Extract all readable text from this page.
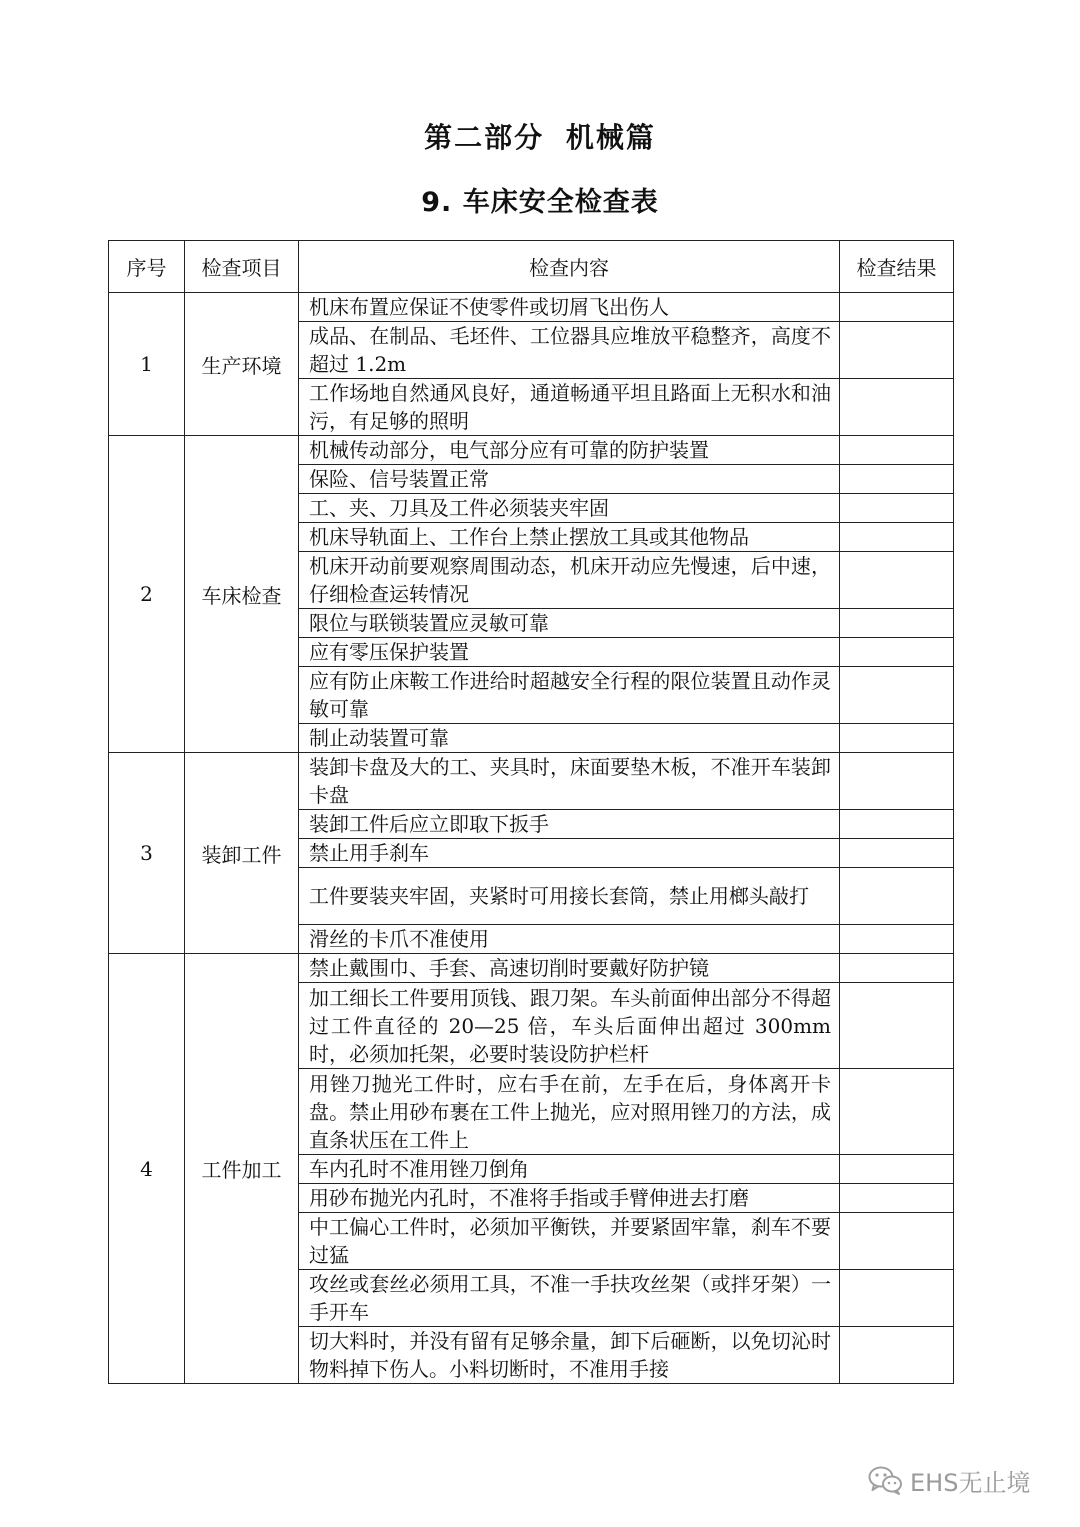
第二部分 机械篇
9. 车床安全检查表
序号	检查项目	检查内容	检查结果
1	生产环境	机床布置应保证不使零件或切屑飞出伤人	
		成品、在制品、毛坯件、工位器具应堆放平稳整齐，高度不超过 1.2m	
		工作场地自然通风良好，通道畅通平坦且路面上无积水和油污，有足够的照明	
2	车床检查	机械传动部分，电气部分应有可靠的防护装置	
		保险、信号装置正常	
		工、夹、刀具及工件必须装夹牢固	
		机床导轨面上、工作台上禁止摆放工具或其他物品	
		机床开动前要观察周围动态，机床开动应先慢速，后中速，仔细检查运转情况	
		限位与联锁装置应灵敏可靠	
		应有零压保护装置	
		应有防止床鞍工作进给时超越安全行程的限位装置且动作灵敏可靠	
		制止动装置可靠	
3	装卸工件	装卸卡盘及大的工、夹具时，床面要垫木板，不准开车装卸卡盘	
		装卸工件后应立即取下扳手	
		禁止用手刹车	
		工件要装夹牢固，夹紧时可用接长套筒，禁止用榔头敲打	
		滑丝的卡爪不准使用	
4	工件加工	禁止戴围巾、手套、高速切削时要戴好防护镜	
		加工细长工件要用顶钱、跟刀架。车头前面伸出部分不得超过工件直径的 20—25 倍，车头后面伸出超过 300mm 时，必须加托架，必要时装设防护栏杆	
		用锉刀抛光工件时，应右手在前，左手在后，身体离开卡盘。禁止用砂布裹在工件上抛光，应对照用锉刀的方法，成直条状压在工件上	
		车内孔时不准用锉刀倒角	
		用砂布抛光内孔时，不准将手指或手臂伸进去打磨	
		中工偏心工件时，必须加平衡铁，并要紧固牢靠，刹车不要过猛	
		攻丝或套丝必须用工具，不准一手扶攻丝架（或拌牙架）一手开车	
		切大料时，并没有留有足够余量，卸下后砸断，以免切沁时物料掉下伤人。小料切断时，不准用手接	
EHS无止境
